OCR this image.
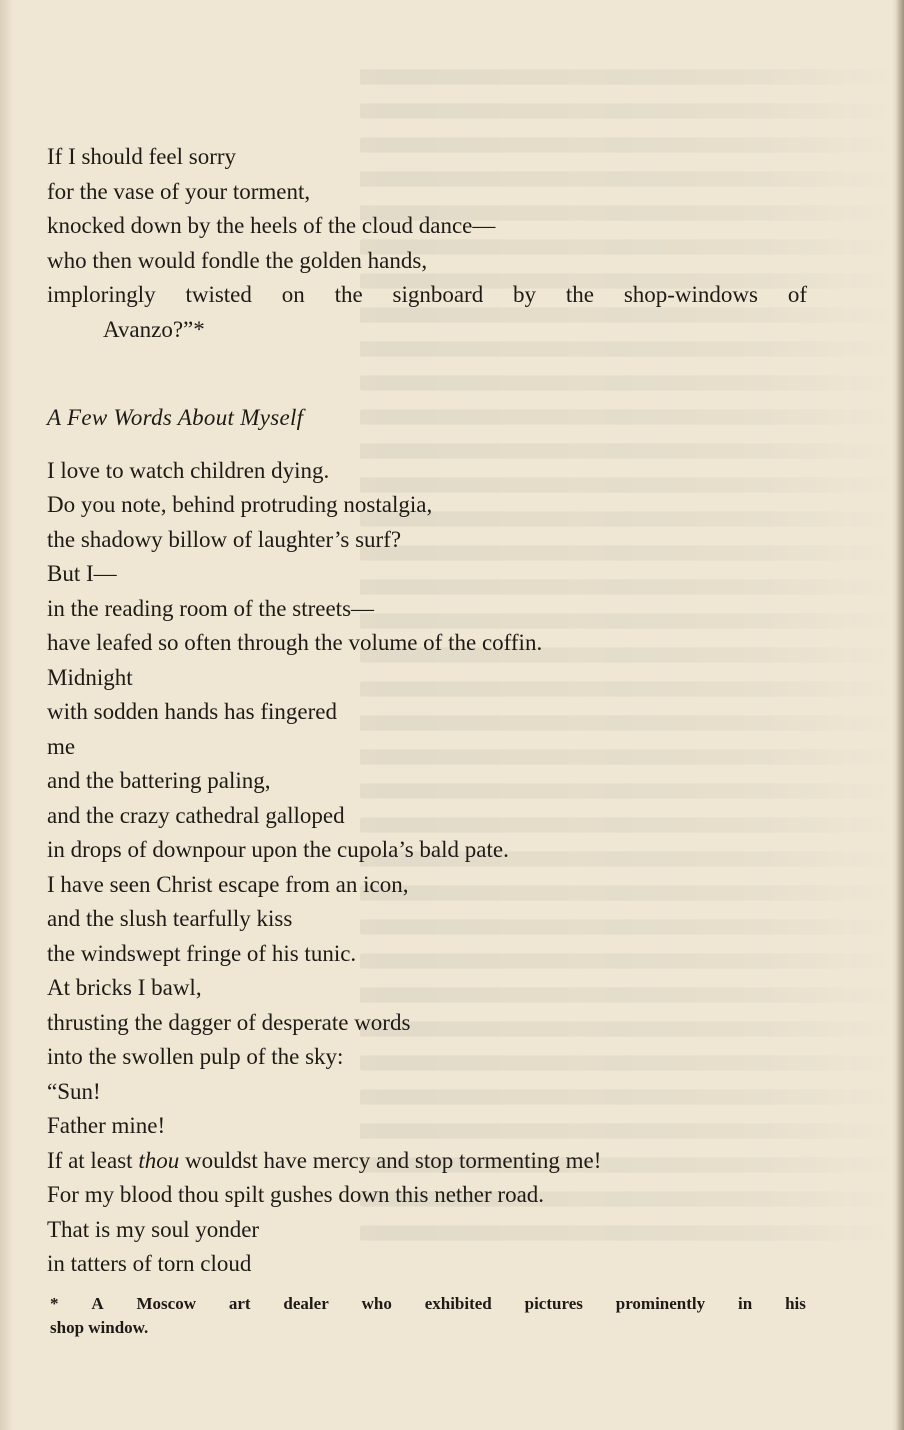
If I should feel sorry
for the vase of your torment,
knocked down by the heels of the cloud dance—
who then would fondle the golden hands,
imploringly twisted on the signboard by the shop-windows of
Avanzo?”*
A Few Words About Myself
I love to watch children dying.
Do you note, behind protruding nostalgia,
the shadowy billow of laughter’s surf?
But I—
in the reading room of the streets—
have leafed so often through the volume of the coffin.
Midnight
with sodden hands has fingered
me
and the battering paling,
and the crazy cathedral galloped
in drops of downpour upon the cupola’s bald pate.
I have seen Christ escape from an icon,
and the slush tearfully kiss
the windswept fringe of his tunic.
At bricks I bawl,
thrusting the dagger of desperate words
into the swollen pulp of the sky:
“Sun!
Father mine!
If at least thou wouldst have mercy and stop tormenting me!
For my blood thou spilt gushes down this nether road.
That is my soul yonder
in tatters of torn cloud
* A Moscow art dealer who exhibited pictures prominently in his
shop window.
